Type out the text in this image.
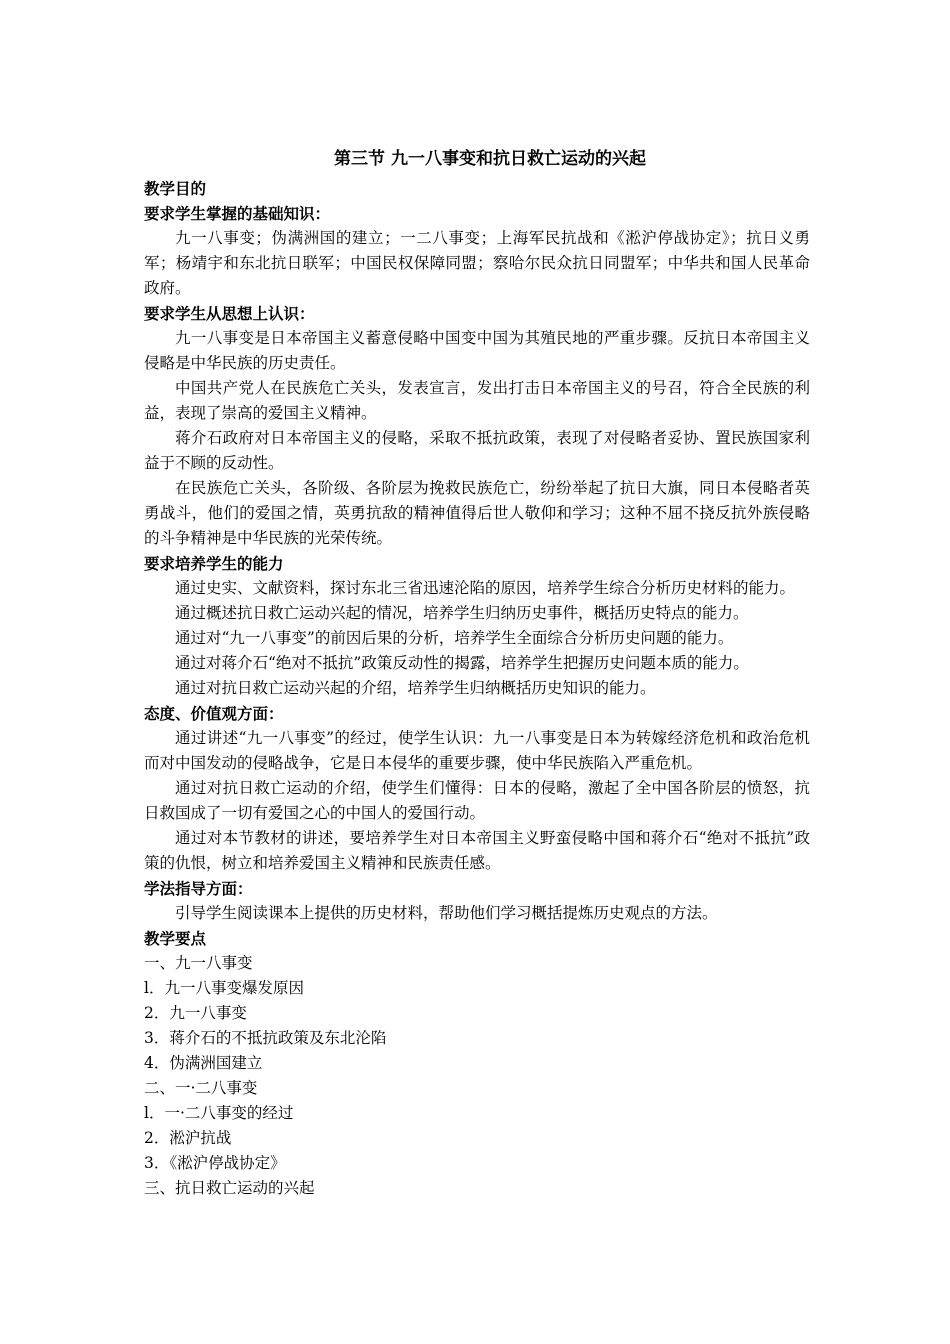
第三节 九一八事变和抗日救亡运动的兴起
教学目的
要求学生掌握的基础知识：
九一八事变；伪满洲国的建立；一二八事变；上海军民抗战和《淞沪停战协定》；抗日义勇军；杨靖宇和东北抗日联军；中国民权保障同盟；察哈尔民众抗日同盟军；中华共和国人民革命政府。
要求学生从思想上认识：
九一八事变是日本帝国主义蓄意侵略中国变中国为其殖民地的严重步骤。反抗日本帝国主义侵略是中华民族的历史责任。
中国共产党人在民族危亡关头，发表宣言，发出打击日本帝国主义的号召，符合全民族的利益，表现了崇高的爱国主义精神。
蒋介石政府对日本帝国主义的侵略，采取不抵抗政策，表现了对侵略者妥协、置民族国家利益于不顾的反动性。
在民族危亡关头，各阶级、各阶层为挽救民族危亡，纷纷举起了抗日大旗，同日本侵略者英勇战斗，他们的爱国之情，英勇抗敌的精神值得后世人敬仰和学习；这种不屈不挠反抗外族侵略的斗争精神是中华民族的光荣传统。
要求培养学生的能力
通过史实、文献资料，探讨东北三省迅速沦陷的原因，培养学生综合分析历史材料的能力。
通过概述抗日救亡运动兴起的情况，培养学生归纳历史事件，概括历史特点的能力。
通过对“九一八事变”的前因后果的分析，培养学生全面综合分析历史问题的能力。
通过对蒋介石“绝对不抵抗”政策反动性的揭露，培养学生把握历史问题本质的能力。
通过对抗日救亡运动兴起的介绍，培养学生归纳概括历史知识的能力。
态度、价值观方面：
通过讲述“九一八事变”的经过，使学生认识：九一八事变是日本为转嫁经济危机和政治危机而对中国发动的侵略战争，它是日本侵华的重要步骤，使中华民族陷入严重危机。
通过对抗日救亡运动的介绍，使学生们懂得：日本的侵略，激起了全中国各阶层的愤怒，抗日救国成了一切有爱国之心的中国人的爱国行动。
通过对本节教材的讲述，要培养学生对日本帝国主义野蛮侵略中国和蒋介石“绝对不抵抗”政策的仇恨，树立和培养爱国主义精神和民族责任感。
学法指导方面：
引导学生阅读课本上提供的历史材料，帮助他们学习概括提炼历史观点的方法。
教学要点
一、九一八事变
l．九一八事变爆发原因
2．九一八事变
3．蒋介石的不抵抗政策及东北沦陷
4．伪满洲国建立
二、一·二八事变
l．一·二八事变的经过
2．淞沪抗战
3．《淞沪停战协定》
三、抗日救亡运动的兴起
